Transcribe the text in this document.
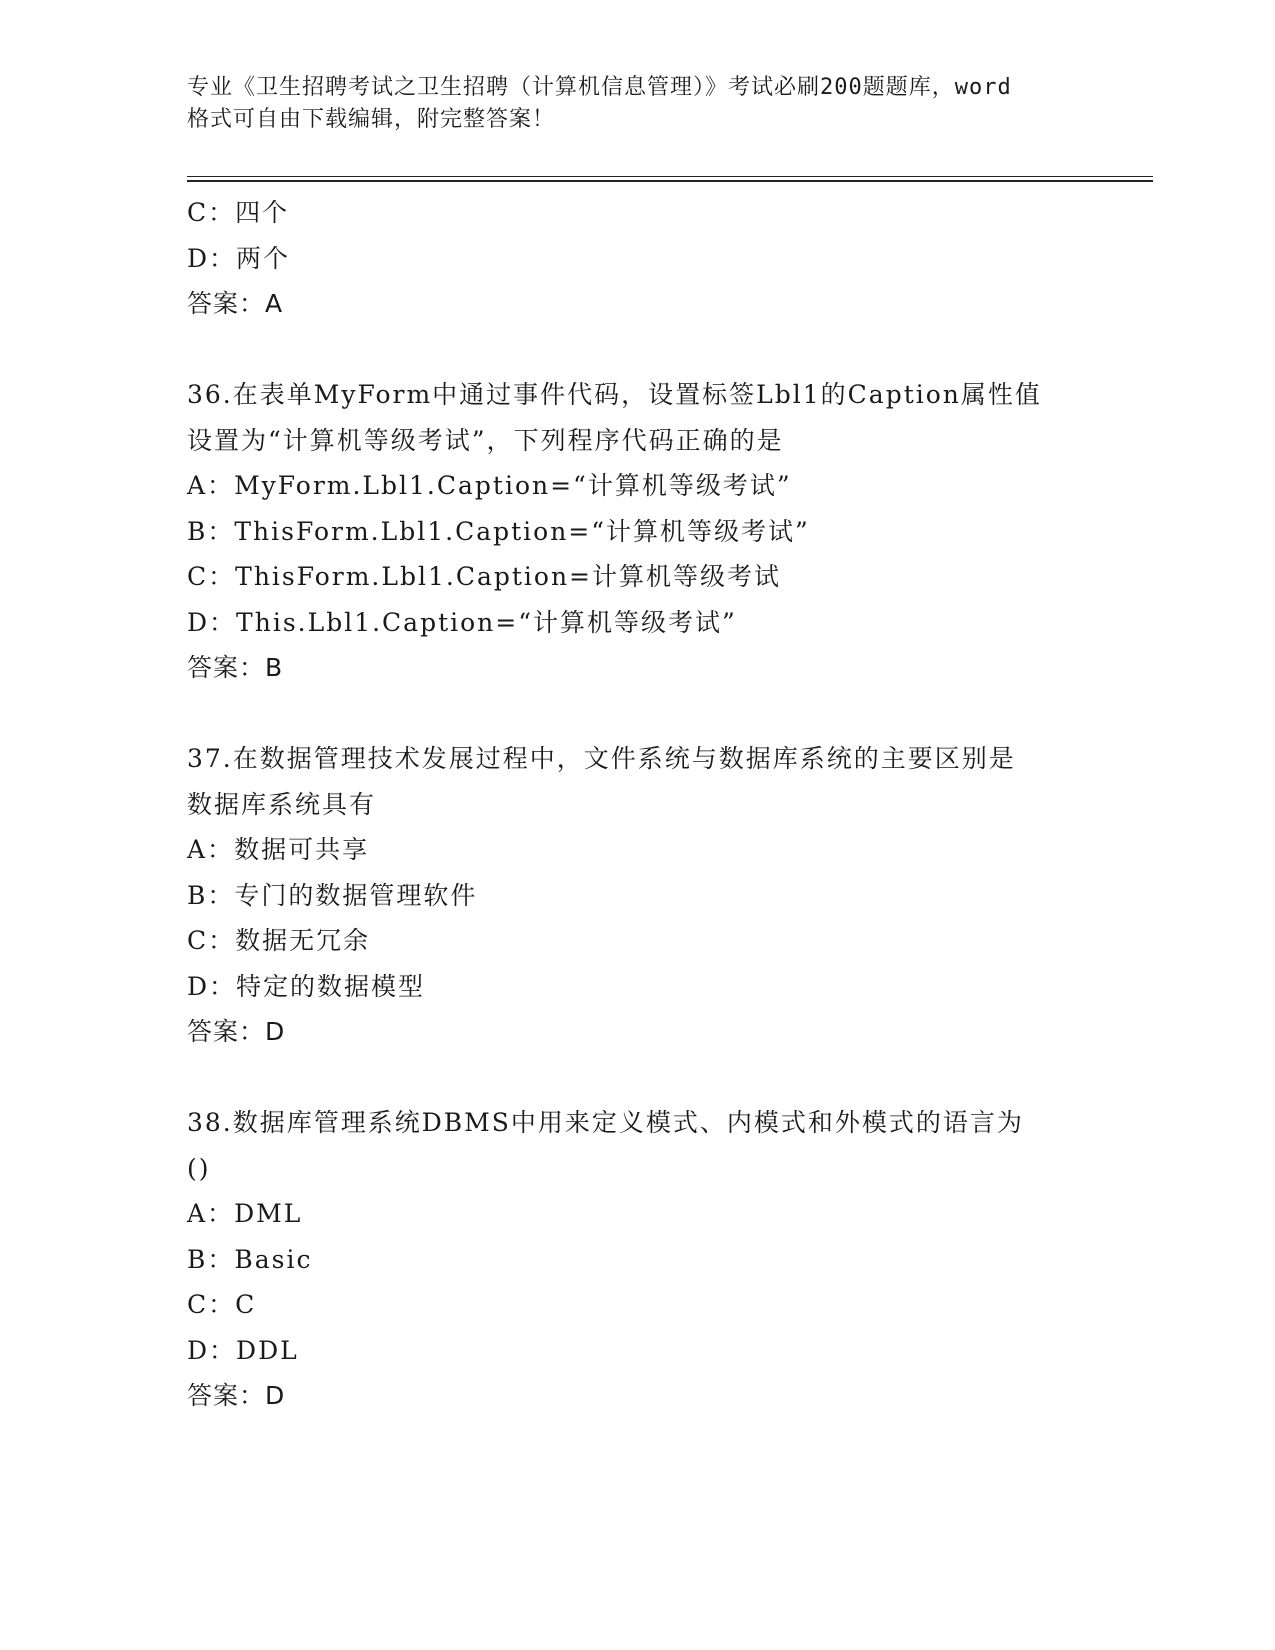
专业《卫生招聘考试之卫生招聘（计算机信息管理）》考试必刷200题题库，word
格式可自由下载编辑，附完整答案！
C：四个
D：两个
答案：A
36.在表单MyForm中通过事件代码，设置标签Lbl1的Caption属性值
设置为“计算机等级考试”，下列程序代码正确的是
A：MyForm.Lbl1.Caption=“计算机等级考试”
B：ThisForm.Lbl1.Caption=“计算机等级考试”
C：ThisForm.Lbl1.Caption=计算机等级考试
D：This.Lbl1.Caption=“计算机等级考试”
答案：B
37.在数据管理技术发展过程中，文件系统与数据库系统的主要区别是
数据库系统具有
A：数据可共享
B：专门的数据管理软件
C：数据无冗余
D：特定的数据模型
答案：D
38.数据库管理系统DBMS中用来定义模式、内模式和外模式的语言为
()
A：DML
B：Basic
C：C
D：DDL
答案：D
